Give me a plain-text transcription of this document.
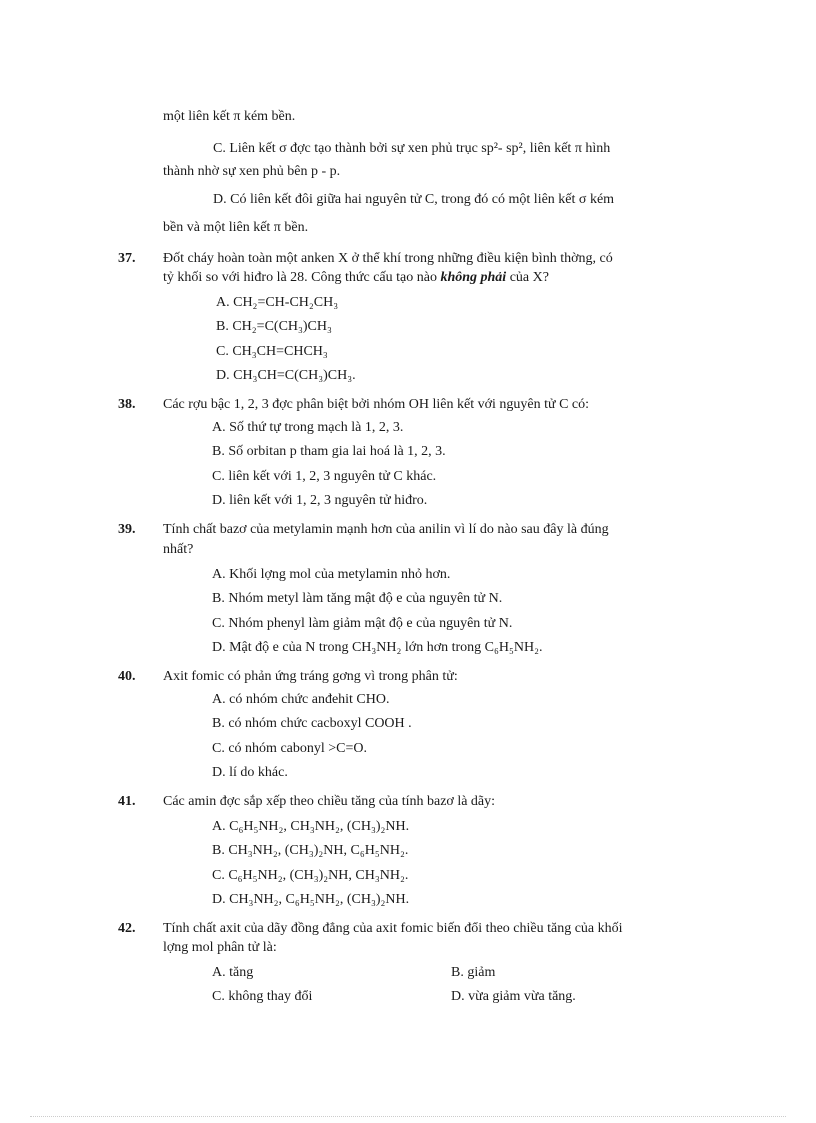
một liên kết π kém bền.
C. Liên kết σ đợc tạo thành bởi sự xen phủ trục sp²- sp², liên kết π hình
thành nhờ sự xen phủ bên p - p.
D. Có liên kết đôi giữa hai nguyên tử C, trong đó có một liên kết σ kém
bền và một liên kết π bền.
37. Đốt cháy hoàn toàn một anken X ở thể khí trong những điều kiện bình thờng, có
tỷ khối so với hiđro là 28. Công thức cấu tạo nào không phải của X?
A. CH₂=CH-CH₂CH₃
B. CH₂=C(CH₃)CH₃
C. CH₃CH=CHCH₃
D. CH₃CH=C(CH₃)CH₃.
38. Các rợu bậc 1, 2, 3 đợc phân biệt bởi nhóm OH liên kết với nguyên tử C có:
A. Số thứ tự trong mạch là 1, 2, 3.
B. Số orbitan p tham gia lai hoá là 1, 2, 3.
C. liên kết với 1, 2, 3 nguyên tử C khác.
D. liên kết với 1, 2, 3 nguyên tử hiđro.
39. Tính chất bazơ của metylamin mạnh hơn của anilin vì lí do nào sau đây là đúng
nhất?
A. Khối lợng mol của metylamin nhỏ hơn.
B. Nhóm metyl làm tăng mật độ e của nguyên tử N.
C. Nhóm phenyl làm giảm mật độ e của nguyên tử N.
D. Mật độ e của N trong CH₃NH₂ lớn hơn trong C₆H₅NH₂.
40. Axit fomic có phản ứng tráng gơng vì trong phân tử:
A. có nhóm chức anđehit CHO.
B. có nhóm chức cacboxyl COOH .
C. có nhóm cabonyl >C=O.
D. lí do khác.
41. Các amin đợc sắp xếp theo chiều tăng của tính bazơ là dãy:
A. C₆H₅NH₂, CH₃NH₂, (CH₃)₂NH.
B. CH₃NH₂, (CH₃)₂NH, C₆H₅NH₂.
C. C₆H₅NH₂, (CH₃)₂NH, CH₃NH₂.
D. CH₃NH₂, C₆H₅NH₂, (CH₃)₂NH.
42. Tính chất axit của dãy đồng đẳng của axit fomic biến đổi theo chiều tăng của khối
lợng mol phân tử là:
A. tăng	B. giảm
C. không thay đổi	D. vừa giảm vừa tăng.
